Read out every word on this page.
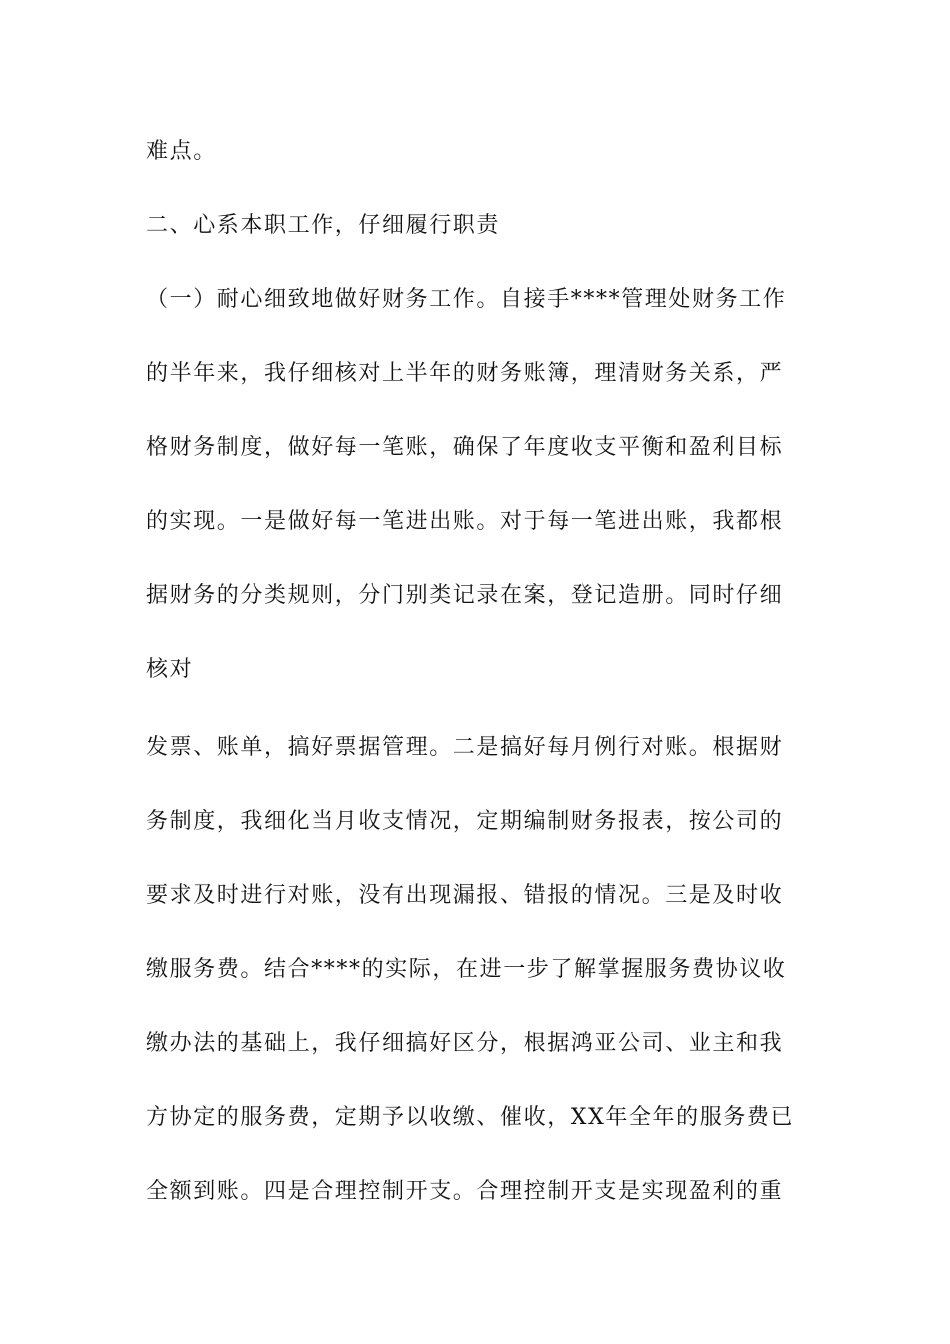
难点。
二、心系本职工作，仔细履行职责
（一）耐心细致地做好财务工作。自接手****管理处财务工作
的半年来，我仔细核对上半年的财务账簿，理清财务关系，严
格财务制度，做好每一笔账，确保了年度收支平衡和盈利目标
的实现。一是做好每一笔进出账。对于每一笔进出账，我都根
据财务的分类规则，分门别类记录在案，登记造册。同时仔细
核对
发票、账单，搞好票据管理。二是搞好每月例行对账。根据财
务制度，我细化当月收支情况，定期编制财务报表，按公司的
要求及时进行对账，没有出现漏报、错报的情况。三是及时收
缴服务费。结合****的实际，在进一步了解掌握服务费协议收
缴办法的基础上，我仔细搞好区分，根据鸿亚公司、业主和我
方协定的服务费，定期予以收缴、催收，XX年全年的服务费已
全额到账。四是合理控制开支。合理控制开支是实现盈利的重
